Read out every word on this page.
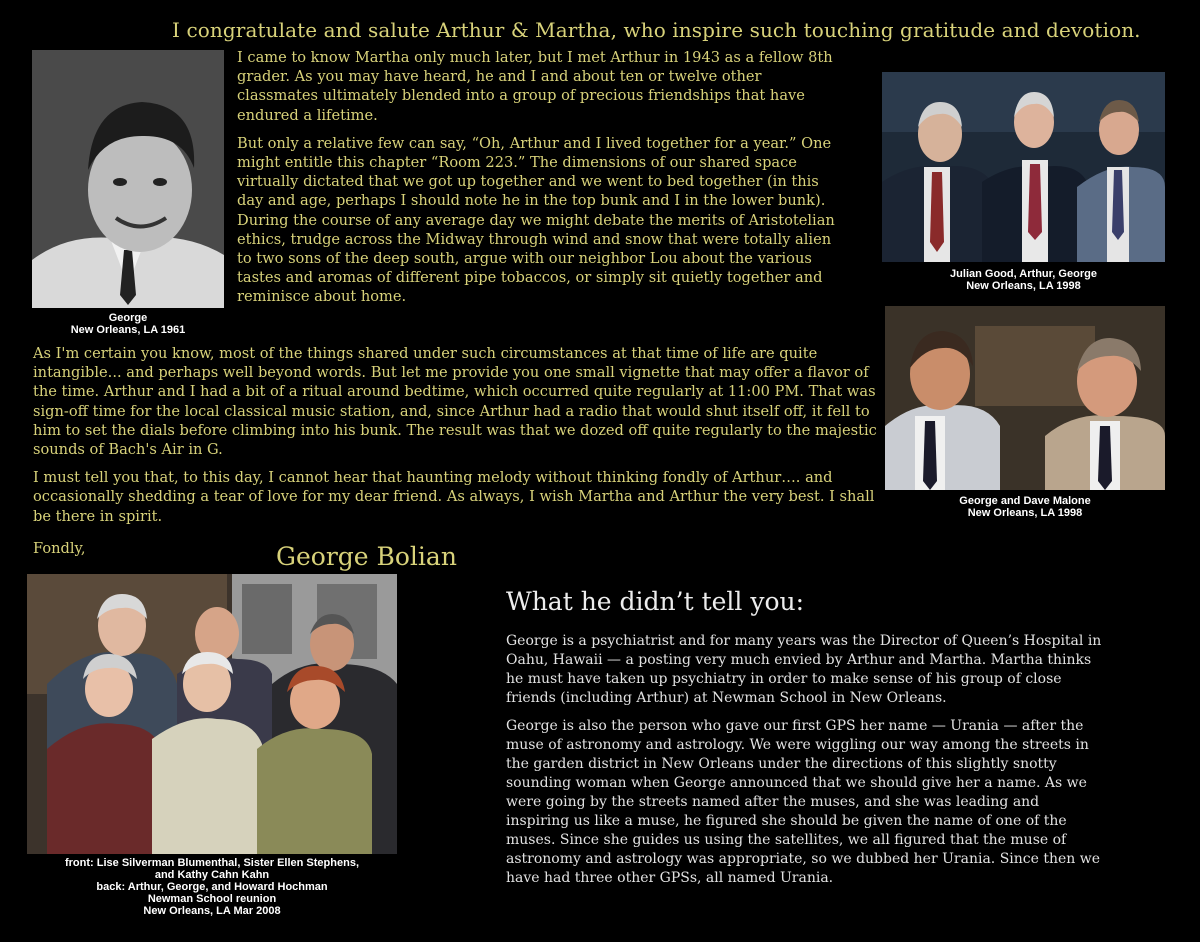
I congratulate and salute Arthur & Martha, who inspire such touching gratitude and devotion.
George
New Orleans, LA 1961

I came to know Martha only much later, but I met Arthur in 1943 as a fellow 8th grader. As you may have heard, he and I and about ten or twelve other classmates ultimately blended into a group of precious friendships that have endured a lifetime.

But only a relative few can say, “Oh, Arthur and I lived together for a year.” One might entitle this chapter “Room 223.” The dimensions of our shared space virtually dictated that we got up together and we went to bed together (in this day and age, perhaps I should note he in the top bunk and I in the lower bunk). During the course of any average day we might debate the merits of Aristotelian ethics, trudge across the Midway through wind and snow that were totally alien to two sons of the deep south, argue with our neighbor Lou about the various tastes and aromas of different pipe tobaccos, or simply sit quietly together and reminisce about home.

As I'm certain you know, most of the things shared under such circumstances at that time of life are quite intangible... and perhaps well beyond words. But let me provide you one small vignette that may offer a flavor of the time. Arthur and I had a bit of a ritual around bedtime, which occurred quite regularly at 11:00 PM. That was sign-off time for the local classical music station, and, since Arthur had a radio that would shut itself off, it fell to him to set the dials before climbing into his bunk. The result was that we dozed off quite regularly to the majestic sounds of Bach's Air in G.

I must tell you that, to this day, I cannot hear that haunting melody without thinking fondly of Arthur…. and occasionally shedding a tear of love for my dear friend. As always, I wish Martha and Arthur the very best. I shall be there in spirit.

Fondly,	George Bolian
Julian Good, Arthur, George
New Orleans, LA 1998
George and Dave Malone
New Orleans, LA 1998
front: Lise Silverman Blumenthal, Sister Ellen Stephens,
and Kathy Cahn Kahn
back: Arthur, George, and Howard Hochman
Newman School reunion
New Orleans, LA Mar 2008
What he didn’t tell you:

George is a psychiatrist and for many years was the Director of Queen’s Hospital in Oahu, Hawaii — a posting very much envied by Arthur and Martha. Martha thinks he must have taken up psychiatry in order to make sense of his group of close friends (including Arthur) at Newman School in New Orleans.

George is also the person who gave our first GPS her name — Urania — after the muse of astronomy and astrology. We were wiggling our way among the streets in the garden district in New Orleans under the directions of this slightly snotty sounding woman when George announced that we should give her a name. As we were going by the streets named after the muses, and she was leading and inspiring us like a muse, he figured she should be given the name of one of the muses. Since she guides us using the satellites, we all figured that the muse of astronomy and astrology was appropriate, so we dubbed her Urania. Since then we have had three other GPSs, all named Urania.
